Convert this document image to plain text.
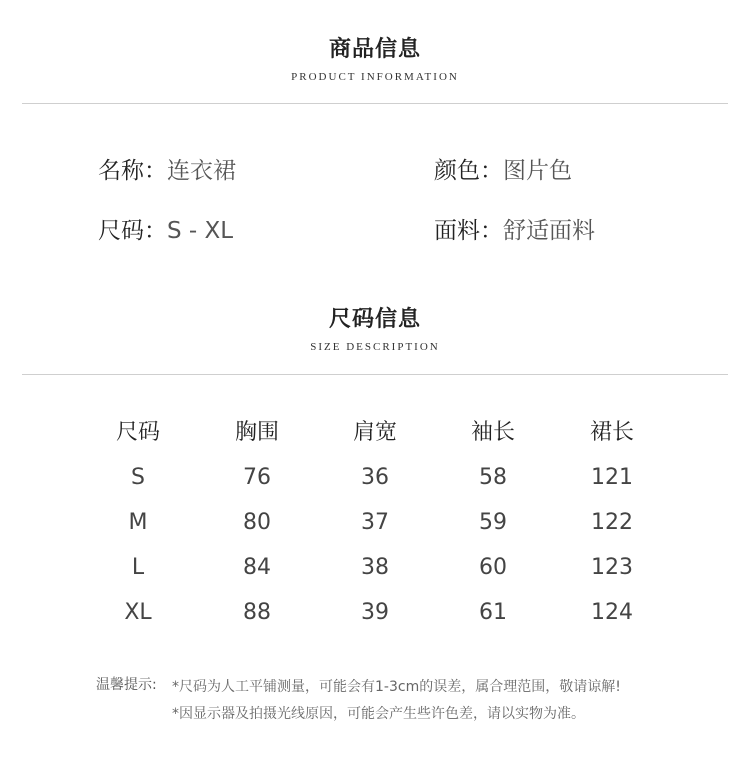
商品信息
PRODUCT INFORMATION
名称：连衣裙	颜色：图片色
尺码：S - XL	面料：舒适面料
尺码信息
SIZE DESCRIPTION
尺码	胸围	肩宽	袖长	裙长
S	76	36	58	121
M	80	37	59	122
L	84	38	60	123
XL	88	39	61	124
温馨提示: *尺码为人工平铺测量，可能会有1-3cm的误差，属合理范围，敬请谅解!
*因显示器及拍摄光线原因，可能会产生些许色差，请以实物为准。
